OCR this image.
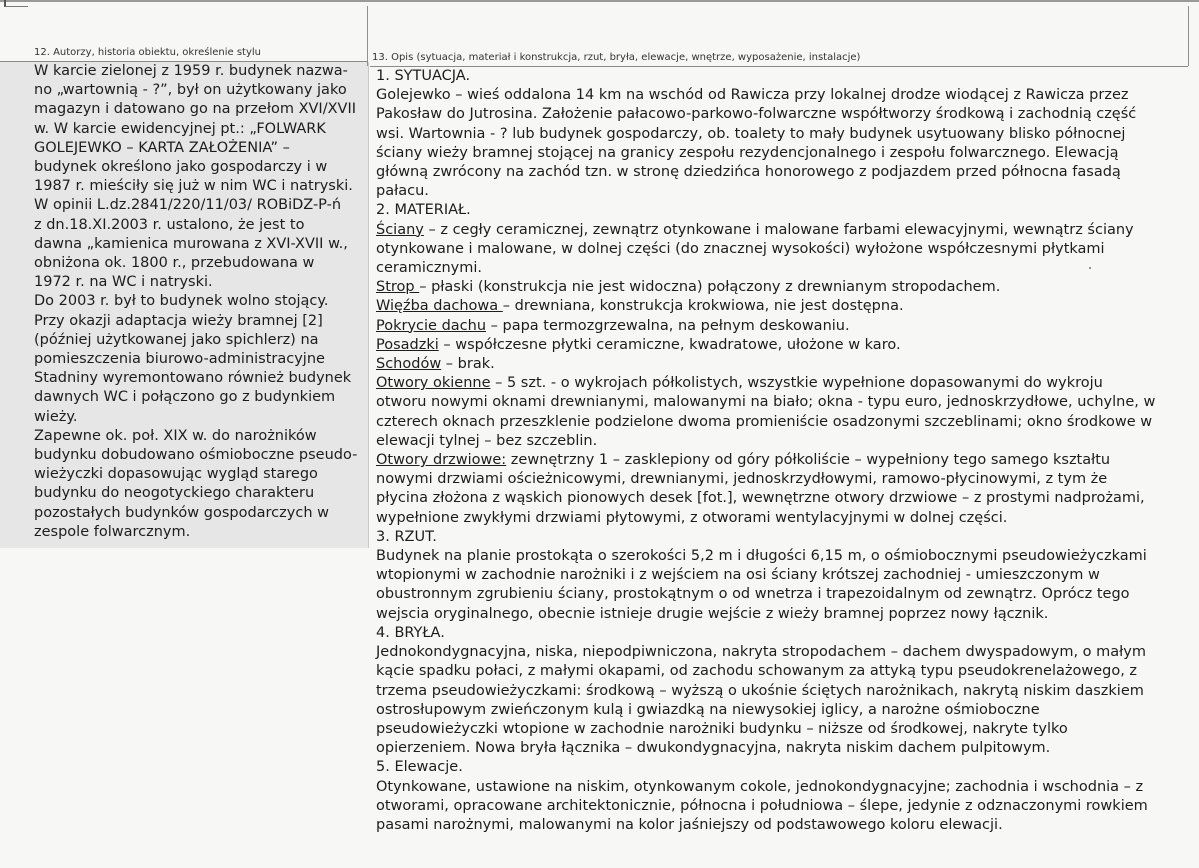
12. Autorzy, historia obiektu, określenie stylu	13. Opis (sytuacja, materiał i konstrukcja, rzut, bryła, elewacje, wnętrze, wyposażenie, instalacje)
W karcie zielonej z 1959 r. budynek nazwa-
no „wartownią - ?”, był on użytkowany jako
magazyn i datowano go na przełom XVI/XVII
w. W karcie ewidencyjnej pt.: „FOLWARK
GOLEJEWKO – KARTA ZAŁOŻENIA” –
budynek określono jako gospodarczy i w
1987 r. mieściły się już w nim WC i natryski.
W opinii L.dz.2841/220/11/03/ ROBiDZ-P-ń
z dn.18.XI.2003 r. ustalono, że jest to
dawna „kamienica murowana z XVI-XVII w.,
obniżona ok. 1800 r., przebudowana w
1972 r. na WC i natryski.
Do 2003 r. był to budynek wolno stojący.
Przy okazji adaptacja wieży bramnej [2]
(później użytkowanej jako spichlerz) na
pomieszczenia biurowo-administracyjne
Stadniny wyremontowano również budynek
dawnych WC i połączono go z budynkiem
wieży.
Zapewne ok. poł. XIX w. do narożników
budynku dobudowano ośmioboczne pseudo-
wieżyczki dopasowując wygląd starego
budynku do neogotyckiego charakteru
pozostałych budynków gospodarczych w
zespole folwarcznym.
1. SYTUACJA.
Golejewko – wieś oddalona 14 km na wschód od Rawicza przy lokalnej drodze wiodącej z Rawicza przez
Pakosław do Jutrosina. Założenie pałacowo-parkowo-folwarczne współtworzy środkową i zachodnią część
wsi. Wartownia - ? lub budynek gospodarczy, ob. toalety to mały budynek usytuowany blisko północnej
ściany wieży bramnej stojącej na granicy zespołu rezydencjonalnego i zespołu folwarcznego. Elewacją
główną zwrócony na zachód tzn. w stronę dziedzińca honorowego z podjazdem przed północna fasadą
pałacu.
2. MATERIAŁ.
Ściany – z cegły ceramicznej, zewnątrz otynkowane i malowane farbami elewacyjnymi, wewnątrz ściany
otynkowane i malowane, w dolnej części (do znacznej wysokości) wyłożone współczesnymi płytkami
ceramicznymi.
Strop – płaski (konstrukcja nie jest widoczna) połączony z drewnianym stropodachem.
Więźba dachowa – drewniana, konstrukcja krokwiowa, nie jest dostępna.
Pokrycie dachu – papa termozgrzewalna, na pełnym deskowaniu.
Posadzki – współczesne płytki ceramiczne, kwadratowe, ułożone w karo.
Schodów – brak.
Otwory okienne – 5 szt. - o wykrojach półkolistych, wszystkie wypełnione dopasowanymi do wykroju
otworu nowymi oknami drewnianymi, malowanymi na biało; okna - typu euro, jednoskrzydłowe, uchylne, w
czterech oknach przeszklenie podzielone dwoma promieniście osadzonymi szczeblinami; okno środkowe w
elewacji tylnej – bez szczeblin.
Otwory drzwiowe: zewnętrzny 1 – zasklepiony od góry półkoliście – wypełniony tego samego kształtu
nowymi drzwiami ościeżnicowymi, drewnianymi, jednoskrzydłowymi, ramowo-płycinowymi, z tym że
płycina złożona z wąskich pionowych desek [fot.], wewnętrzne otwory drzwiowe – z prostymi nadprożami,
wypełnione zwykłymi drzwiami płytowymi, z otworami wentylacyjnymi w dolnej części.
3. RZUT.
Budynek na planie prostokąta o szerokości 5,2 m i długości 6,15 m, o ośmiobocznymi pseudowieżyczkami
wtopionymi w zachodnie narożniki i z wejściem na osi ściany krótszej zachodniej - umieszczonym w
obustronnym zgrubieniu ściany, prostokątnym o od wnetrza i trapezoidalnym od zewnątrz. Oprócz tego
wejscia oryginalnego, obecnie istnieje drugie wejście z wieży bramnej poprzez nowy łącznik.
4. BRYŁA.
Jednokondygnacyjna, niska, niepodpiwniczona, nakryta stropodachem – dachem dwyspadowym, o małym
kącie spadku połaci, z małymi okapami, od zachodu schowanym za attyką typu pseudokrenelażowego, z
trzema pseudowieżyczkami: środkową – wyższą o ukośnie ściętych narożnikach, nakrytą niskim daszkiem
ostrosłupowym zwieńczonym kulą i gwiazdką na niewysokiej iglicy, a narożne ośmioboczne
pseudowieżyczki wtopione w zachodnie narożniki budynku – niższe od środkowej, nakryte tylko
opierzeniem. Nowa bryła łącznika – dwukondygnacyjna, nakryta niskim dachem pulpitowym.
5. Elewacje.
Otynkowane, ustawione na niskim, otynkowanym cokole, jednokondygnacyjne; zachodnia i wschodnia – z
otworami, opracowane architektonicznie, północna i południowa – ślepe, jedynie z odznaczonymi rowkiem
pasami narożnymi, malowanymi na kolor jaśniejszy od podstawowego koloru elewacji.
